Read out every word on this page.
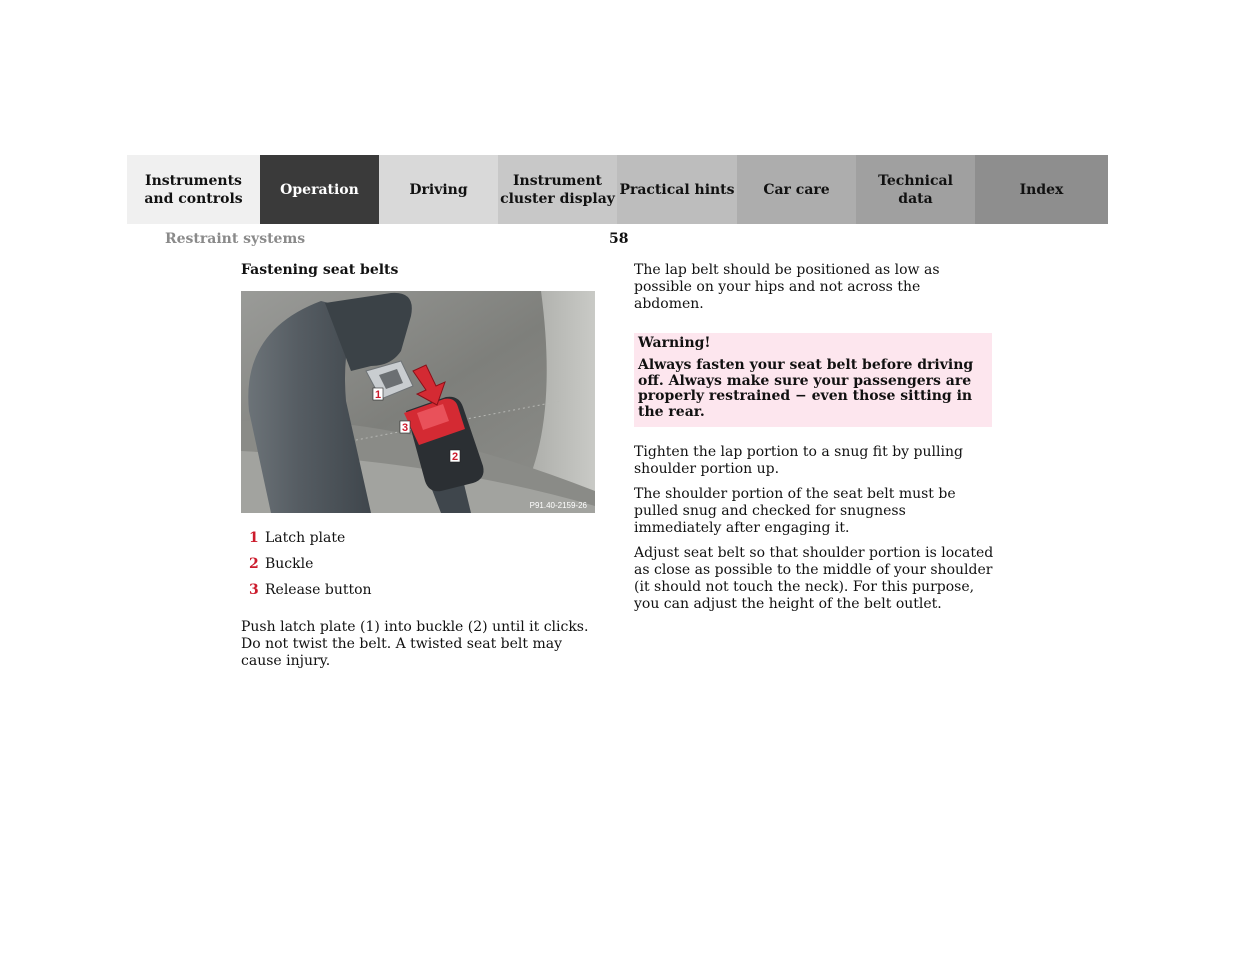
Instruments
and controls
Operation	Driving
Instrument
cluster display
Practical hints Car care
Technical
data
Index
Restraint systems	58
Fastening seat belts
1
3
2
P91.40-2159-26
1 Latch plate
2 Buckle
3 Release button

Push latch plate (1) into buckle (2) until it clicks. Do not twist the belt. A twisted seat belt may cause injury.

The lap belt should be positioned as low as possible on your hips and not across the abdomen.

Warning!
Always fasten your seat belt before driving off. Always make sure your passengers are properly restrained − even those sitting in the rear.

Tighten the lap portion to a snug fit by pulling shoulder portion up.

The shoulder portion of the seat belt must be pulled snug and checked for snugness immediately after engaging it.

Adjust seat belt so that shoulder portion is located as close as possible to the middle of your shoulder (it should not touch the neck). For this purpose, you can adjust the height of the belt outlet.
